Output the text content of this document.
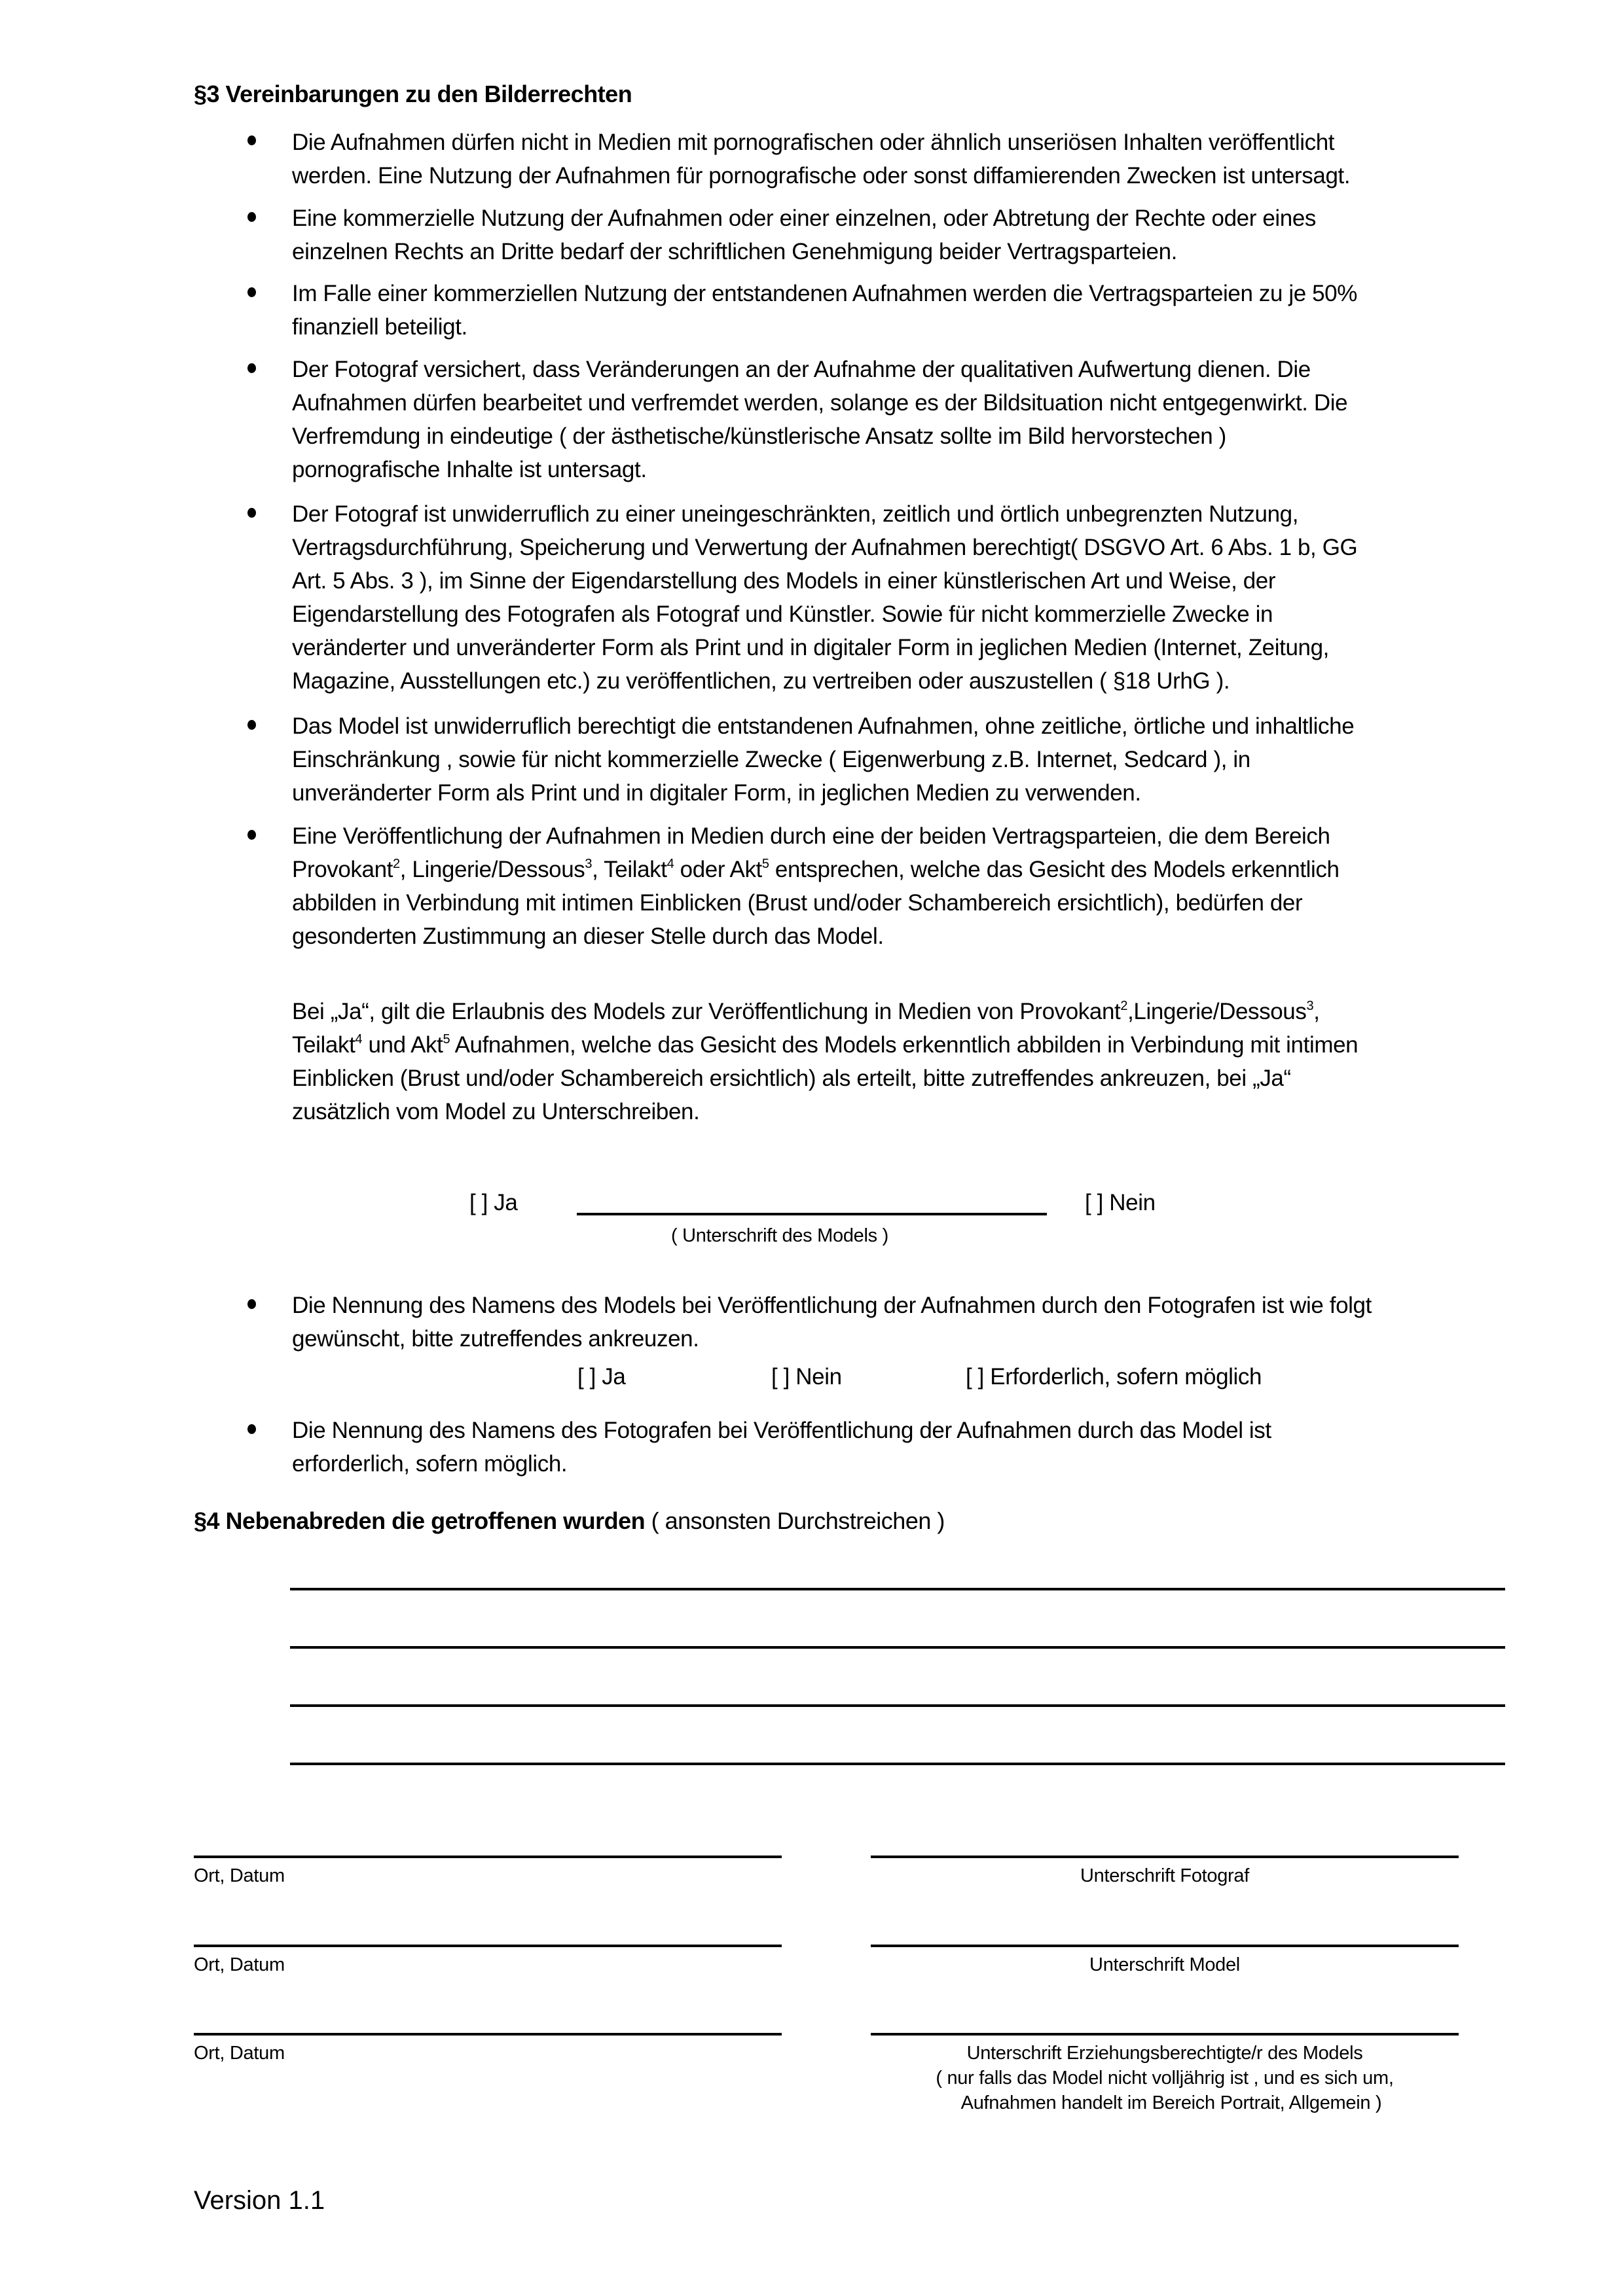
§3 Vereinbarungen zu den Bilderrechten
Die Aufnahmen dürfen nicht in Medien mit pornografischen oder ähnlich unseriösen Inhalten veröffentlicht
werden. Eine Nutzung der Aufnahmen für pornografische oder sonst diffamierenden Zwecken ist untersagt.
Eine kommerzielle Nutzung der Aufnahmen oder einer einzelnen, oder Abtretung der Rechte oder eines
einzelnen Rechts an Dritte bedarf der schriftlichen Genehmigung beider Vertragsparteien.
Im Falle einer kommerziellen Nutzung der entstandenen Aufnahmen werden die Vertragsparteien zu je 50%
finanziell beteiligt.
Der Fotograf versichert, dass Veränderungen an der Aufnahme der qualitativen Aufwertung dienen. Die
Aufnahmen dürfen bearbeitet und verfremdet werden, solange es der Bildsituation nicht entgegenwirkt. Die
Verfremdung in eindeutige ( der ästhetische/künstlerische Ansatz sollte im Bild hervorstechen )
pornografische Inhalte ist untersagt.
Der Fotograf ist unwiderruflich zu einer uneingeschränkten, zeitlich und örtlich unbegrenzten Nutzung,
Vertragsdurchführung, Speicherung und Verwertung der Aufnahmen berechtigt( DSGVO Art. 6 Abs. 1 b, GG
Art. 5 Abs. 3 ), im Sinne der Eigendarstellung des Models in einer künstlerischen Art und Weise, der
Eigendarstellung des Fotografen als Fotograf und Künstler. Sowie für nicht kommerzielle Zwecke in
veränderter und unveränderter Form als Print und in digitaler Form in jeglichen Medien (Internet, Zeitung,
Magazine, Ausstellungen etc.) zu veröffentlichen, zu vertreiben oder auszustellen ( §18 UrhG ).
Das Model ist unwiderruflich berechtigt die entstandenen Aufnahmen, ohne zeitliche, örtliche und inhaltliche
Einschränkung , sowie für nicht kommerzielle Zwecke ( Eigenwerbung z.B. Internet, Sedcard ), in
unveränderter Form als Print und in digitaler Form, in jeglichen Medien zu verwenden.
Eine Veröffentlichung der Aufnahmen in Medien durch eine der beiden Vertragsparteien, die dem Bereich
Provokant$^2$, Lingerie/Dessous$^3$, Teilakt$^4$ oder Akt$^5$ entsprechen, welche das Gesicht des Models erkenntlich
abbilden in Verbindung mit intimen Einblicken (Brust und/oder Schambereich ersichtlich), bedürfen der
gesonderten Zustimmung an dieser Stelle durch das Model.
Bei „Ja“, gilt die Erlaubnis des Models zur Veröffentlichung in Medien von Provokant$^2$,Lingerie/Dessous$^3$,
Teilakt$^4$ und Akt$^5$ Aufnahmen, welche das Gesicht des Models erkenntlich abbilden in Verbindung mit intimen
Einblicken (Brust und/oder Schambereich ersichtlich) als erteilt, bitte zutreffendes ankreuzen, bei „Ja“
zusätzlich vom Model zu Unterschreiben.
[ ] Ja	[ ] Nein
( Unterschrift des Models )
Die Nennung des Namens des Models bei Veröffentlichung der Aufnahmen durch den Fotografen ist wie folgt
gewünscht, bitte zutreffendes ankreuzen.
[ ] Ja	[ ] Nein	[ ] Erforderlich, sofern möglich
Die Nennung des Namens des Fotografen bei Veröffentlichung der Aufnahmen durch das Model ist
erforderlich, sofern möglich.
§4 Nebenabreden die getroffenen wurden ( ansonsten Durchstreichen )
Ort, Datum	Unterschrift Fotograf
Ort, Datum	Unterschrift Model
Ort, Datum	Unterschrift Erziehungsberechtigte/r des Models
( nur falls das Model nicht volljährig ist , und es sich um,
Aufnahmen handelt im Bereich Portrait, Allgemein )
Version 1.1
